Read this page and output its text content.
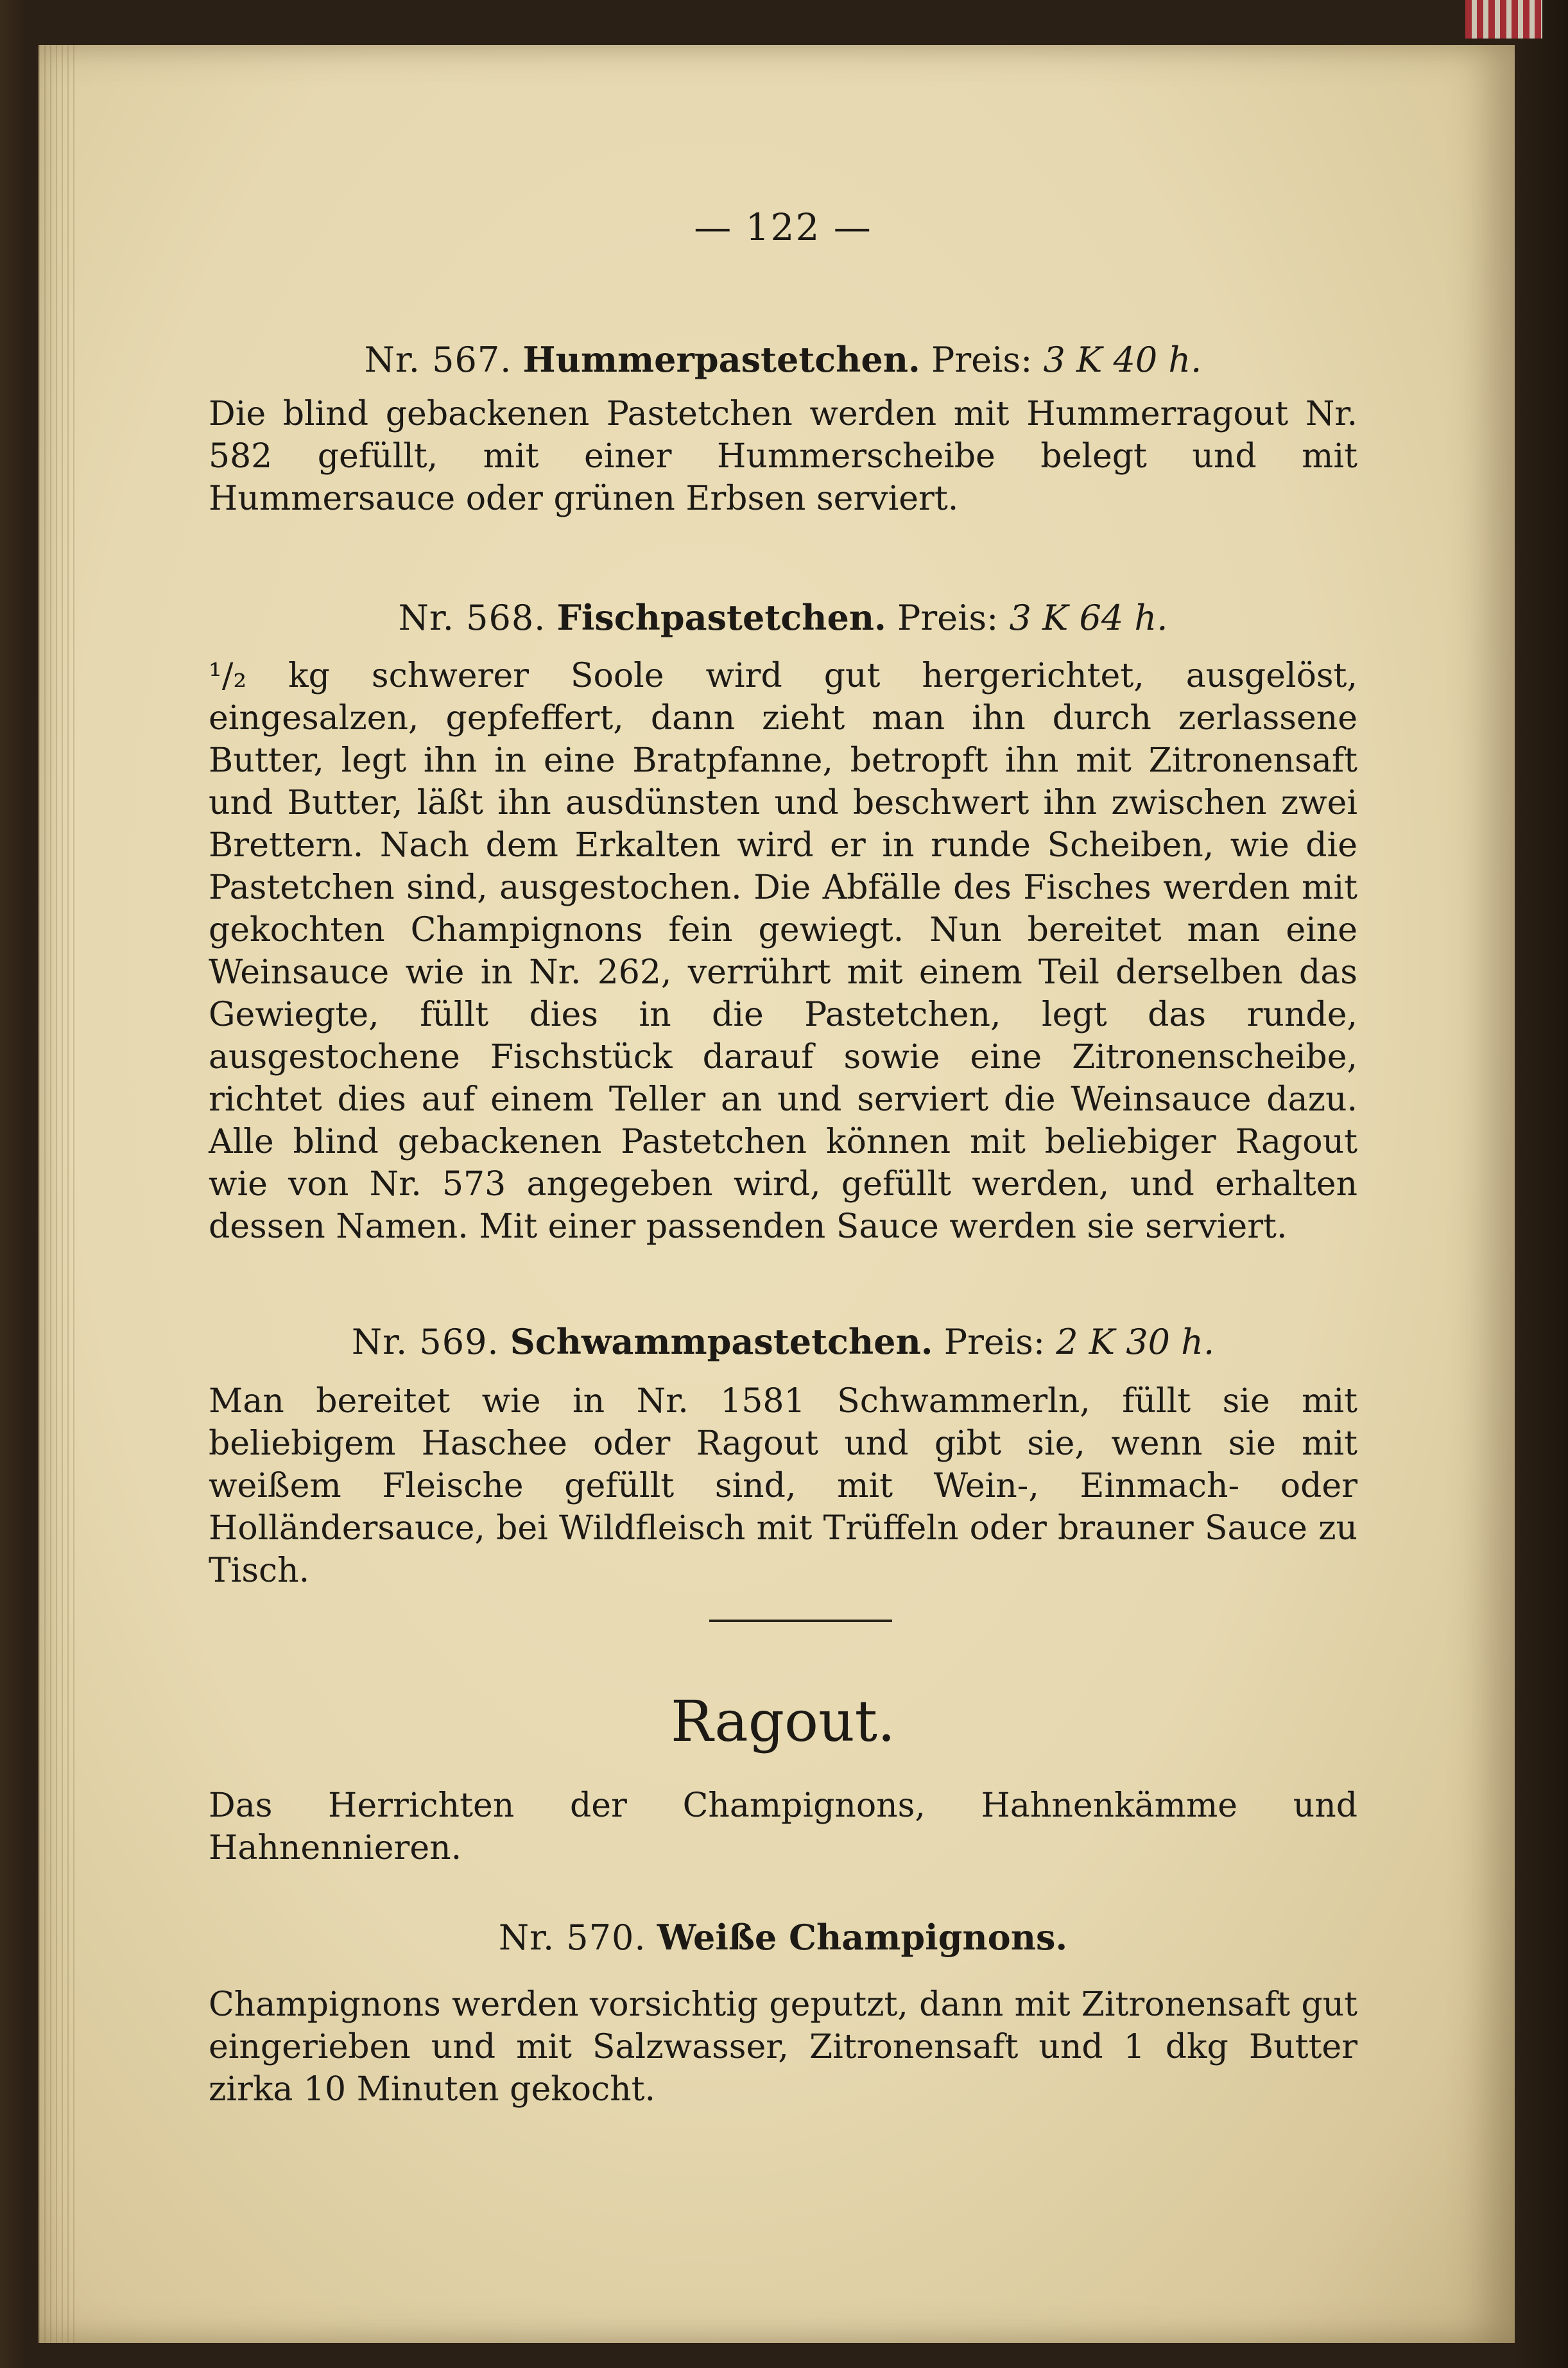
— 122 —
Nr. 567. Hummerpastetchen. Preis: 3 K 40 h.
Die blind gebackenen Pastetchen werden mit Hummerragout Nr. 582 gefüllt, mit einer Hummerscheibe belegt und mit Hummersauce oder grünen Erbsen serviert.
Nr. 568. Fischpastetchen. Preis: 3 K 64 h.
¹/₂ kg schwerer Soole wird gut hergerichtet, ausgelöst, eingesalzen, gepfeffert, dann zieht man ihn durch zerlassene Butter, legt ihn in eine Bratpfanne, betropft ihn mit Zitronensaft und Butter, läßt ihn ausdünsten und beschwert ihn zwischen zwei Brettern. Nach dem Erkalten wird er in runde Scheiben, wie die Pastetchen sind, ausgestochen. Die Abfälle des Fisches werden mit gekochten Champignons fein gewiegt. Nun bereitet man eine Weinsauce wie in Nr. 262, verrührt mit einem Teil derselben das Gewiegte, füllt dies in die Pastetchen, legt das runde, ausgestochene Fischstück darauf sowie eine Zitronenscheibe, richtet dies auf einem Teller an und serviert die Weinsauce dazu. Alle blind gebackenen Pastetchen können mit beliebiger Ragout wie von Nr. 573 angegeben wird, gefüllt werden, und erhalten dessen Namen. Mit einer passenden Sauce werden sie serviert.
Nr. 569. Schwammpastetchen. Preis: 2 K 30 h.
Man bereitet wie in Nr. 1581 Schwammerln, füllt sie mit beliebigem Haschee oder Ragout und gibt sie, wenn sie mit weißem Fleische gefüllt sind, mit Wein-, Einmach- oder Holländersauce, bei Wildfleisch mit Trüffeln oder brauner Sauce zu Tisch.
Ragout.
Das Herrichten der Champignons, Hahnenkämme und Hahnennieren.
Nr. 570. Weiße Champignons.
Champignons werden vorsichtig geputzt, dann mit Zitronensaft gut eingerieben und mit Salzwasser, Zitronensaft und 1 dkg Butter zirka 10 Minuten gekocht.
